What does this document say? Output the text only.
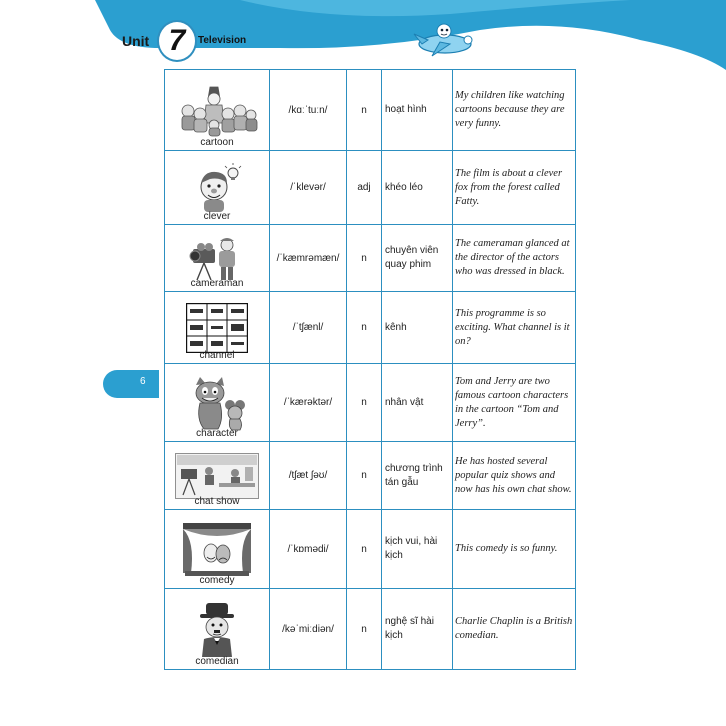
Unit 7	Television
6
cartoon	/kɑːˈtuːn/	n	hoạt hình	My children like watching cartoons because they are very funny.

clever	/ˈklevər/	adj	khéo léo	The film is about a clever fox from the forest called Fatty.

cameraman	/ˈkæmrəmæn/	n	chuyên viên quay phim	The cameraman glanced at the director of the actors who was dressed in black.

channel	/ˈtʃænl/	n	kênh	This programme is so exciting. What channel is it on?

character	/ˈkærəktər/	n	nhân vật	Tom and Jerry are two famous cartoon characters in the cartoon “Tom and Jerry”.

chat show	/tʃæt ʃəʊ/	n	chương trình tán gẫu	He has hosted several popular quiz shows and now has his own chat show.

comedy	/ˈkɒmədi/	n	kịch vui, hài kịch	This comedy is so funny.

comedian	/kəˈmiːdiən/	n	nghệ sĩ hài kịch	Charlie Chaplin is a British comedian.
